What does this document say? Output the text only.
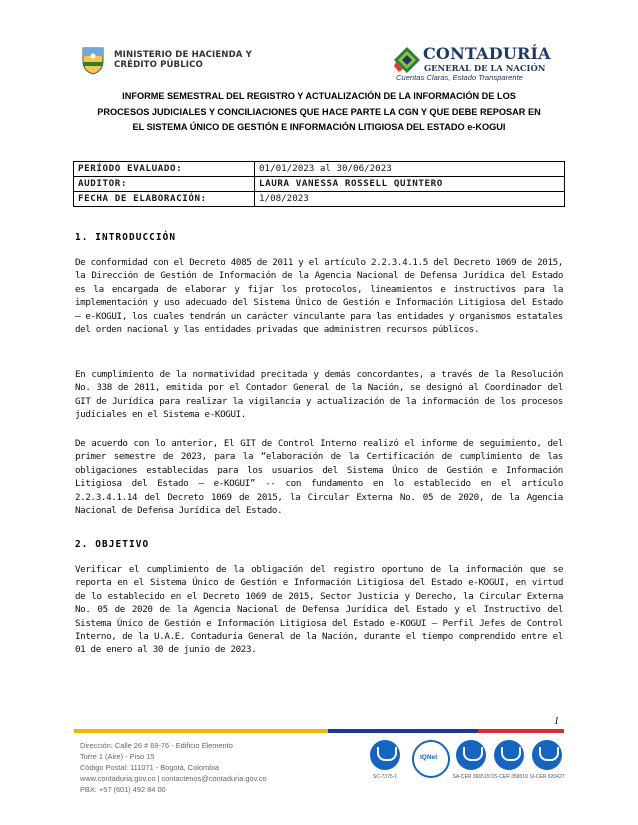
MINISTERIO DE HACIENDA Y
CRÉDITO PÚBLICO
CONTADURÍA
GENERAL DE LA NACIÓN
Cuentas Claras, Estado Transparente
INFORME SEMESTRAL DEL REGISTRO Y ACTUALIZACIÓN DE LA INFORMACIÓN DE LOS
PROCESOS JUDICIALES Y CONCILIACIONES QUE HACE PARTE LA CGN Y QUE DEBE REPOSAR EN
EL SISTEMA ÚNICO DE GESTIÓN E INFORMACIÓN LITIGIOSA DEL ESTADO e-KOGUI
PERÍODO EVALUADO:	01/01/2023 al 30/06/2023
AUDITOR:	LAURA VANESSA ROSSELL QUINTERO
FECHA DE ELABORACIÓN:	1/08/2023
1. INTRODUCCIÓN

De conformidad con el Decreto 4085 de 2011 y el artículo 2.2.3.4.1.5 del Decreto 1069 de 2015, la Dirección de Gestión de Información de la Agencia Nacional de Defensa Jurídica del Estado es la encargada de elaborar y fijar los protocolos, lineamientos e instructivos para la implementación y uso adecuado del Sistema Único de Gestión e Información Litigiosa del Estado – e-KOGUI, los cuales tendrán un carácter vinculante para las entidades y organismos estatales del orden nacional y las entidades privadas que administren recursos públicos.

En cumplimiento de la normatividad precitada y demás concordantes, a través de la Resolución No. 338 de 2011, emitida por el Contador General de la Nación, se designó al Coordinador del GIT de Jurídica para realizar la vigilancia y actualización de la información de los procesos judiciales en el Sistema e-KOGUI.

De acuerdo con lo anterior, El GIT de Control Interno realizó el informe de seguimiento, del primer semestre de 2023, para la “elaboración de la Certificación de cumplimiento de las obligaciones establecidas para los usuarios del Sistema Único de Gestión e Información Litigiosa del Estado – e-KOGUI” -- con fundamento en lo establecido en el artículo 2.2.3.4.1.14 del Decreto 1069 de 2015, la Circular Externa No. 05 de 2020, de la Agencia Nacional de Defensa Jurídica del Estado.

2. OBJETIVO

Verificar el cumplimiento de la obligación del registro oportuno de la información que se reporta en el Sistema Único de Gestión e Información Litigiosa del Estado e-KOGUI, en virtud de lo establecido en el Decreto 1069 de 2015, Sector Justicia y Derecho, la Circular Externa No. 05 de 2020 de la Agencia Nacional de Defensa Jurídica del Estado y el Instructivo del Sistema Único de Gestión e Información Litigiosa del Estado e-KOGUI – Perfil Jefes de Control Interno, de la U.A.E. Contaduría General de la Nación, durante el tiempo comprendido entre el 01 de enero al 30 de junio de 2023.

1
Dirección: Calle 26 # 69-76 - Edificio Elemento
Torre 1 (Aire) - Piso 15
Código Postal: 111071 - Bogotá, Colombia
www.contaduria.gov.co | contactenos@contaduria.gov.co
PBX: +57 (601) 492 84 00
SC-7375-1
IQNet
SA-CER 366515 OS-CER 356519 SI-CER 820427
